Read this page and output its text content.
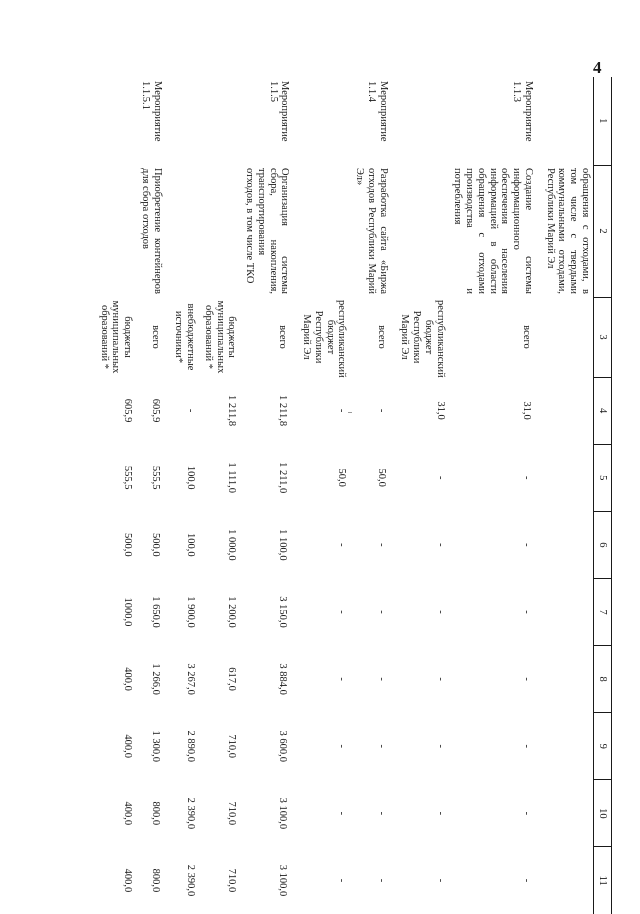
4
1	2	3	4	5	6	7	8	9	10	11
	обращения с отходами, в том числе с твердыми коммунальными отходами, Республики Марий Эл									
Мероприятие 1.1.3	Создание системы информационного обеспечения населения информацией в области обращения с отходами производства и потребления	всего	31,0	-	-	-	-	-	-	-
		республиканский бюджет Республики Марий Эл	31,0	-	-	-	-	-	-	-
Мероприятие 1.1.4	Разработка сайта «Биржа отходов Республики Марий Эл»	всего	-	50,0	-	-	-	-	-	-
		республиканский бюджет Республики Марий Эл	-	50,0	-	-	-	-	-	-
Мероприятие 1.1.5	Организация системы сбора, накопления, транспортирования отходов, в том числе ТКО	всего	1 211,8	1 211,0	1 100,0	3 150,0	3 884,0	3 600,0	3 100,0	3 100,0
		бюджеты муниципальных образований *	1 211,8	1 111,0	1 000,0	1 200,0	617,0	710,0	710,0	710,0
		внебюджетные источники*	-	100,0	100,0	1 900,0	3 267,0	2 890,0	2 390,0	2 390,0
Мероприятие 1.1.5.1	Приобретение контейнеров для сбора отходов	всего	605,9	555,5	500,0	1 650,0	1 266,0	1 300,0	800,0	800,0
		бюджеты муниципальных образований *	605,9	555,5	500,0	1000,0	400,0	400,0	400,0	400,0
